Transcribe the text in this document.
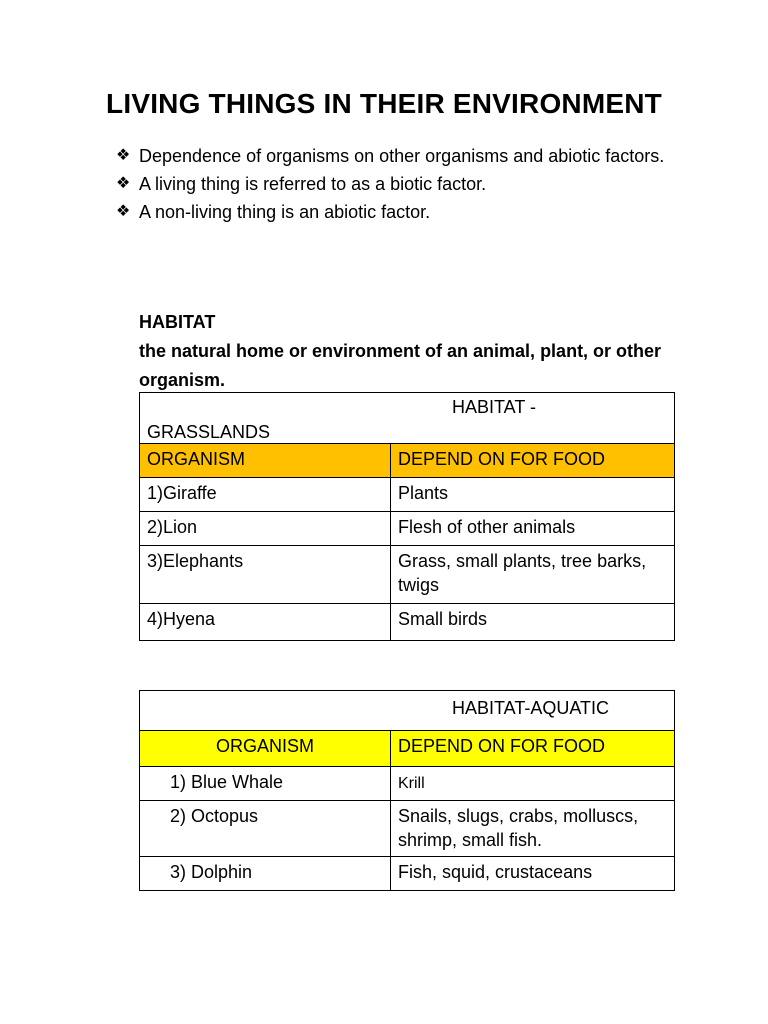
LIVING THINGS IN THEIR ENVIRONMENT
❖ Dependence of organisms on other organisms and abiotic factors.
❖ A living thing is referred to as a biotic factor.
❖ A non-living thing is an abiotic factor.
HABITAT
the natural home or environment of an animal, plant, or other organism.
HABITAT -
GRASSLANDS	

ORGANISM	DEPEND ON FOR FOOD
1)Giraffe	Plants
2)Lion	Flesh of other animals
3)Elephants	Grass, small plants, tree barks, twigs
4)Hyena	Small birds
HABITAT-AQUATIC	
ORGANISM	DEPEND ON FOR FOOD
1) Blue Whale	Krill
2) Octopus	Snails, slugs, crabs, molluscs, shrimp, small fish.
3) Dolphin	Fish, squid, crustaceans
